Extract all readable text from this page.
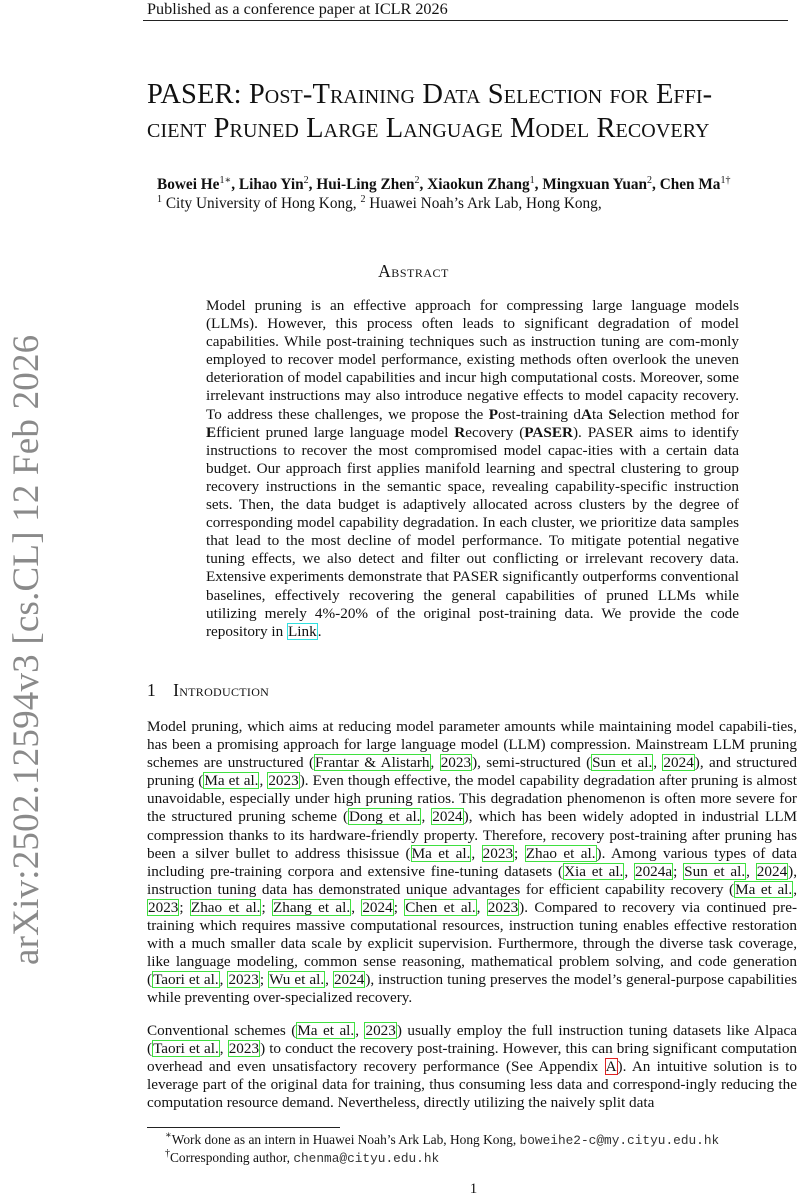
Published as a conference paper at ICLR 2026
arXiv:2502.12594v3 [cs.CL] 12 Feb 2026
PASER: Post-Training Data Selection for Effi-
cient Pruned Large Language Model Recovery
Bowei $He^{1∗}$, Lihao Yin$^2$, Hui-Ling Zhen$^2$, Xiaokun Zhang$^1$, Mingxuan Yuan$^2$, Chen $Ma^{1\dagger}$
$^1$ City University of Hong Kong, $^2$ Huawei Noah’s Ark Lab, Hong Kong,
Abstract
Model pruning is an effective approach for compressing large language models (LLMs). However, this process often leads to significant degradation of model capabilities. While post-training techniques such as instruction tuning are com-monly employed to recover model performance, existing methods often overlook the uneven deterioration of model capabilities and incur high computational costs. Moreover, some irrelevant instructions may also introduce negative effects to model capacity recovery. To address these challenges, we propose the Post-training dAta Selection method for Efficient pruned large language model Recovery (PASER). PASER aims to identify instructions to recover the most compromised model capac-ities with a certain data budget. Our approach first applies manifold learning and spectral clustering to group recovery instructions in the semantic space, revealing capability-specific instruction sets. Then, the data budget is adaptively allocated across clusters by the degree of corresponding model capability degradation. In each cluster, we prioritize data samples that lead to the most decline of model performance. To mitigate potential negative tuning effects, we also detect and filter out conflicting or irrelevant recovery data. Extensive experiments demonstrate that PASER significantly outperforms conventional baselines, effectively recovering the general capabilities of pruned LLMs while utilizing merely 4%-20% of the original post-training data. We provide the code repository in Link.
1 Introduction
Model pruning, which aims at reducing model parameter amounts while maintaining model capabili-ties, has been a promising approach for large language model (LLM) compression. Mainstream LLM pruning schemes are unstructured (Frantar & Alistarh, 2023), semi-structured (Sun et al., 2024), and structured pruning (Ma et al., 2023). Even though effective, the model capability degradation after pruning is almost unavoidable, especially under high pruning ratios. This degradation phenomenon is often more severe for the structured pruning scheme (Dong et al., 2024), which has been widely adopted in industrial LLM compression thanks to its hardware-friendly property. Therefore, recovery post-training after pruning has been a silver bullet to address thisissue (Ma et al., 2023; Zhao et al.). Among various types of data including pre-training corpora and extensive fine-tuning datasets (Xia et al., 2024a; Sun et al., 2024), instruction tuning data has demonstrated unique advantages for efficient capability recovery (Ma et al., 2023; Zhao et al.; Zhang et al., 2024; Chen et al., 2023). Compared to recovery via continued pre-training which requires massive computational resources, instruction tuning enables effective restoration with a much smaller data scale by explicit supervision. Furthermore, through the diverse task coverage, like language modeling, common sense reasoning, mathematical problem solving, and code generation (Taori et al., 2023; Wu et al., 2024), instruction tuning preserves the model’s general-purpose capabilities while preventing over-specialized recovery.
Conventional schemes (Ma et al., 2023) usually employ the full instruction tuning datasets like Alpaca (Taori et al., 2023) to conduct the recovery post-training. However, this can bring significant computation overhead and even unsatisfactory recovery performance (See Appendix A). An intuitive solution is to leverage part of the original data for training, thus consuming less data and correspond-ingly reducing the computation resource demand. Nevertheless, directly utilizing the naively split data
∗Work done as an intern in Huawei Noah’s Ark Lab, Hong Kong, boweihe2-c@my.cityu.edu.hk
†Corresponding author, chenma@cityu.edu.hk
1
